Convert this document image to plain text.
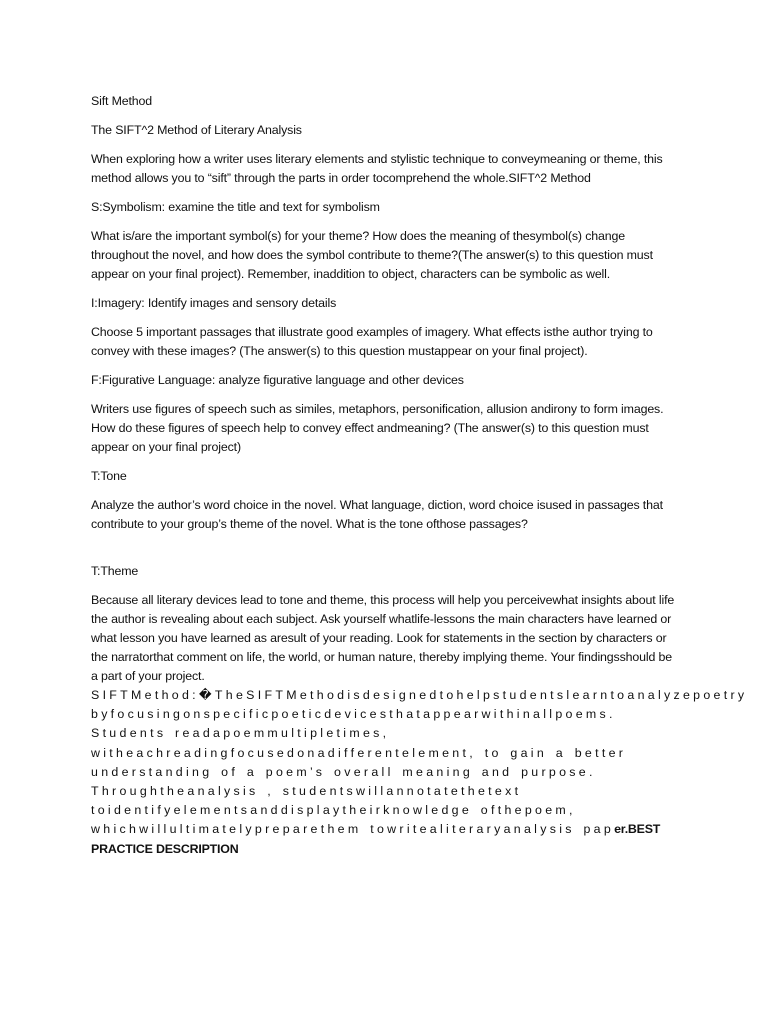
Sift Method

The SIFT^2 Method of Literary Analysis

When exploring how a writer uses literary elements and stylistic technique to conveymeaning or theme, this method allows you to “sift” through the parts in order tocomprehend the whole.SIFT^2 Method

S:Symbolism: examine the title and text for symbolism

What is/are the important symbol(s) for your theme? How does the meaning of thesymbol(s) change throughout the novel, and how does the symbol contribute to theme?(The answer(s) to this question must appear on your final project). Remember, inaddition to object, characters can be symbolic as well.

I:Imagery: Identify images and sensory details

Choose 5 important passages that illustrate good examples of imagery. What effects isthe author trying to convey with these images? (The answer(s) to this question mustappear on your final project).

F:Figurative Language: analyze figurative language and other devices

Writers use figures of speech such as similes, metaphors, personification, allusion andirony to form images. How do these figures of speech help to convey effect andmeaning? (The answer(s) to this question must appear on your final project)

T:Tone

Analyze the author’s word choice in the novel. What language, diction, word choice isused in passages that contribute to your group’s theme of the novel. What is the tone ofthose passages?

T:Theme

Because all literary devices lead to tone and theme, this process will help you perceivewhat insights about life the author is revealing about each subject. Ask yourself whatlife-lessons the main characters have learned or what lesson you have learned as aresult of your reading. Look for statements in the section by characters or the narratorthat comment on life, the world, or human nature, thereby implying theme. Your findingsshould be a part of your project.

SIFTMethod:�TheSIFTMethodisdesignedtohelpstudentslearntoanalyzepoetry byfocusingonspecificpoeticdevicesthatappearwithinallpoems. Students readapoemmultipletimes, witheachreadingfocusedonadifferentelement, to gain a better understanding of a poem’s overall meaning and purpose. Throughtheanalysis , studentswillannotatethetext toidentifyelementsanddisplaytheirknowledge ofthepoem, whichwillultimatelypreparethem towritealiteraryanalysis paper.BEST PRACTICE DESCRIPTION
